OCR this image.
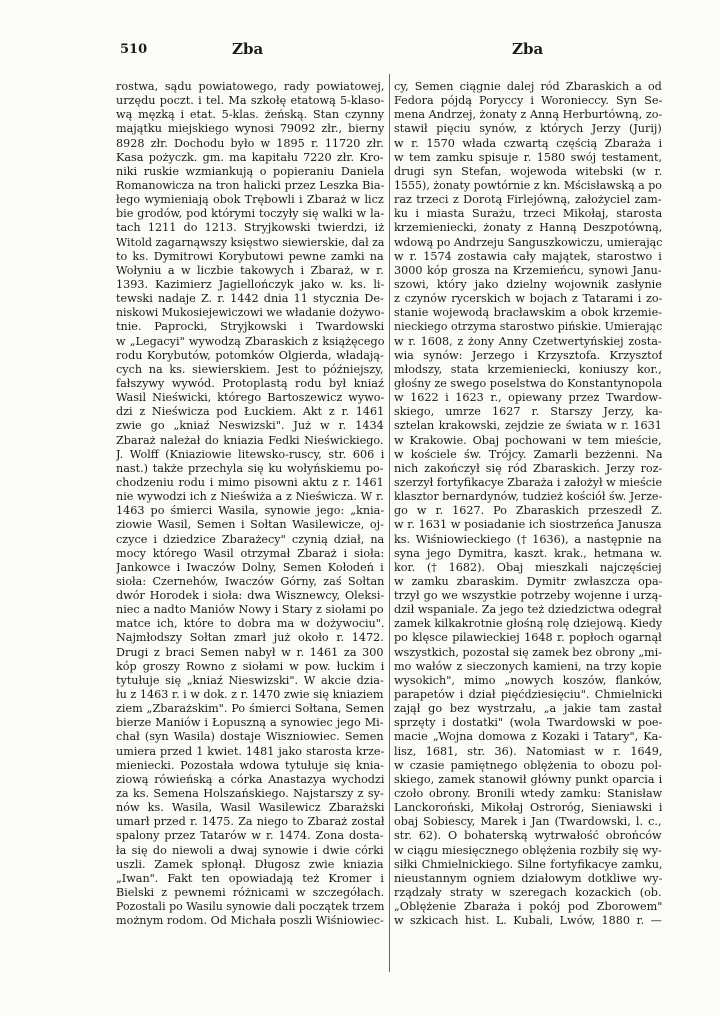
510	Zba	Zba
rostwa, sądu powiatowego, rady powiatowej,
urzędu poczt. i tel. Ma szkołę etatową 5-klaso-
wą męzką i etat. 5-klas. żeńską. Stan czynny
majątku miejskiego wynosi 79092 złr., bierny
8928 złr. Dochodu było w 1895 r. 11720 złr.
Kasa pożyczk. gm. ma kapitału 7220 złr. Kro-
niki ruskie wzmiankują o popieraniu Daniela
Romanowicza na tron halicki przez Leszka Bia-
łego wymieniają obok Trębowli i Zbaraż w licz
bie grodów, pod którymi toczyły się walki w la-
tach 1211 do 1213. Stryjkowski twierdzi, iż
Witold zagarnąwszy księstwo siewierskie, dał za
to ks. Dymitrowi Korybutowi pewne zamki na
Wołyniu a w liczbie takowych i Zbaraż, w r.
1393. Kazimierz Jagiellończyk jako w. ks. li-
tewski nadaje Z. r. 1442 dnia 11 stycznia De-
niskowi Mukosiejewiczowi we władanie dożywo-
tnie. Paprocki, Stryjkowski i Twardowski
w „Legacyi" wywodzą Zbaraskich z książęcego
rodu Korybutów, potomków Olgierda, władają-
cych na ks. siewierskiem. Jest to późniejszy,
fałszywy wywód. Protoplastą rodu był kniaź
Wasil Nieświcki, którego Bartoszewicz wywo-
dzi z Nieświcza pod Łuckiem. Akt z r. 1461
zwie go „kniaź Neswizski". Już w r. 1434
Zbaraż należał do kniazia Fedki Nieświckiego.
J. Wolff (Kniaziowie litewsko-ruscy, str. 606 i
nast.) także przechyla się ku wołyńskiemu po-
chodzeniu rodu i mimo pisowni aktu z r. 1461
nie wywodzi ich z Nieświża a z Nieświcza. W r.
1463 po śmierci Wasila, synowie jego: „knia-
ziowie Wasil, Semen i Sołtan Wasilewicze, oj-
czyce i dziedzice Zbarażecy" czynią dział, na
mocy którego Wasil otrzymał Zbaraż i sioła:
Jankowce i Iwaczów Dolny, Semen Kołodeń i
sioła: Czernehów, Iwaczów Górny, zaś Sołtan
dwór Horodek i sioła: dwa Wisznewcy, Oleksi-
niec a nadto Maniów Nowy i Stary z siołami po
matce ich, które to dobra ma w dożywociu".
Najmłodszy Sołtan zmarł już około r. 1472.
Drugi z braci Semen nabył w r. 1461 za 300
kóp groszy Rowno z siołami w pow. łuckim i
tytułuje się „kniaź Nieswizski". W akcie dzia-
łu z 1463 r. i w dok. z r. 1470 zwie się kniaziem
ziem „Zbarażskim". Po śmierci Sołtana, Semen
bierze Maniów i Łopuszną a synowiec jego Mi-
chał (syn Wasila) dostaje Wiszniowiec. Semen
umiera przed 1 kwiet. 1481 jako starosta krze-
mieniecki. Pozostała wdowa tytułuje się knia-
ziową rówieńską a córka Anastazya wychodzi
za ks. Semena Holszańskiego. Najstarszy z sy-
nów ks. Wasila, Wasil Wasilewicz Zbarażski
umarł przed r. 1475. Za niego to Zbaraż został
spalony przez Tatarów w r. 1474. Zona dosta-
ła się do niewoli a dwaj synowie i dwie córki
uszli. Zamek spłonął. Długosz zwie kniazia
„Iwan". Fakt ten opowiadają też Kromer i
Bielski z pewnemi różnicami w szczegółach.
Pozostali po Wasilu synowie dali początek trzem
możnym rodom. Od Michała poszli Wiśniowiec-
cy, Semen ciągnie dalej ród Zbaraskich a od
Fedora pójdą Poryccy i Woronieccy. Syn Se-
mena Andrzej, żonaty z Anną Herburtówną, zo-
stawił pięciu synów, z których Jerzy (Jurij)
w r. 1570 włada czwartą częścią Zbaraża i
w tem zamku spisuje r. 1580 swój testament,
drugi syn Stefan, wojewoda witebski (w r.
1555), żonaty powtórnie z kn. Mścisławską a po
raz trzeci z Dorotą Firlejówną, założyciel zam-
ku i miasta Surażu, trzeci Mikołaj, starosta
krzemieniecki, żonaty z Hanną Deszpotówną,
wdową po Andrzeju Sanguszkowiczu, umierając
w r. 1574 zostawia cały majątek, starostwo i
3000 kóp grosza na Krzemieńcu, synowi Janu-
szowi, który jako dzielny wojownik zasłynie
z czynów rycerskich w bojach z Tatarami i zo-
stanie wojewodą bracławskim a obok krzemie-
nieckiego otrzyma starostwo pińskie. Umierając
w r. 1608, z żony Anny Czetwertyńskiej zosta-
wia synów: Jerzego i Krzysztofa. Krzysztof
młodszy, stata krzemieniecki, koniuszy kor.,
głośny ze swego poselstwa do Konstantynopola
w 1622 i 1623 r., opiewany przez Twardow-
skiego, umrze 1627 r. Starszy Jerzy, ka-
sztelan krakowski, zejdzie ze świata w r. 1631
w Krakowie. Obaj pochowani w tem mieście,
w kościele św. Trójcy. Zamarli bezżenni. Na
nich zakończył się ród Zbaraskich. Jerzy roz-
szerzył fortyfikacye Zbaraża i założył w mieście
klasztor bernardynów, tudzież kościół św. Jerze-
go w r. 1627. Po Zbaraskich przeszedł Z.
w r. 1631 w posiadanie ich siostrzeńca Janusza
ks. Wiśniowieckiego († 1636), a następnie na
syna jego Dymitra, kaszt. krak., hetmana w.
kor. († 1682). Obaj mieszkali najczęściej
w zamku zbaraskim. Dymitr zwłaszcza opa-
trzył go we wszystkie potrzeby wojenne i urzą-
dził wspaniale. Za jego też dziedzictwa odegrał
zamek kilkakrotnie głośną rolę dziejową. Kiedy
po klęsce pilawieckiej 1648 r. popłoch ogarnął
wszystkich, pozostał się zamek bez obrony „mi-
mo wałów z sieczonych kamieni, na trzy kopie
wysokich", mimo „nowych koszów, flanków,
parapetów i dział pięćdziesięciu". Chmielnicki
zajął go bez wystrzału, „a jakie tam zastał
sprzęty i dostatki" (wola Twardowski w poe-
macie „Wojna domowa z Kozaki i Tatary", Ka-
lisz, 1681, str. 36). Natomiast w r. 1649,
w czasie pamiętnego oblężenia to obozu pol-
skiego, zamek stanowił główny punkt oparcia i
czoło obrony. Bronili wtedy zamku: Stanisław
Lanckoroński, Mikołaj Ostroróg, Sieniawski i
obaj Sobiescy, Marek i Jan (Twardowski, l. c.,
str. 62). O bohaterską wytrwałość obrońców
w ciągu miesięcznego oblężenia rozbiły się wy-
siłki Chmielnickiego. Silne fortyfikacye zamku,
nieustannym ogniem działowym dotkliwe wy-
rządzały straty w szeregach kozackich (ob.
„Oblężenie Zbaraża i pokój pod Zborowem"
w szkicach hist. L. Kubali, Lwów, 1880 r. —
